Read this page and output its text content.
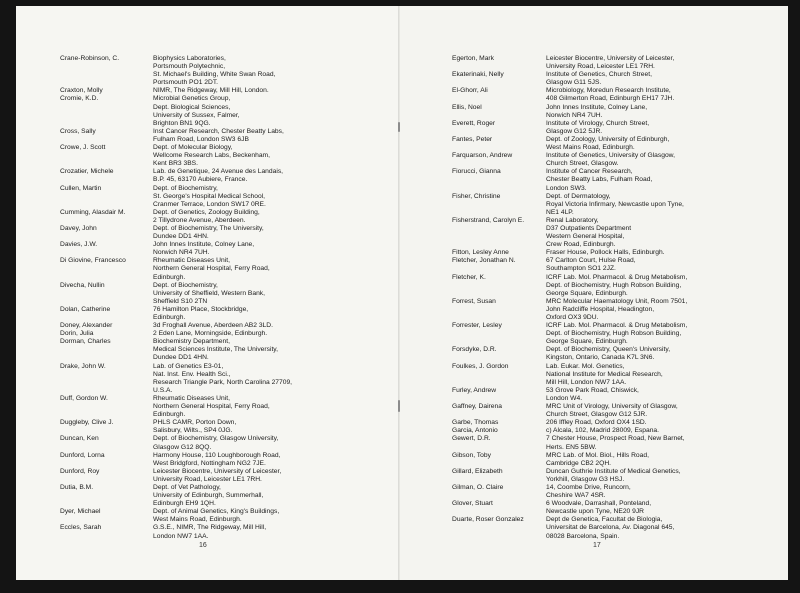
Crane-Robinson, C.	Biophysics Laboratories,
Portsmouth Polytechnic,
St. Michael's Building, White Swan Road,
Portsmouth PO1 2DT.
Craxton, Molly	NIMR, The Ridgeway, Mill Hill, London.
Cromie, K.D.	Microbial Genetics Group,
Dept. Biological Sciences,
University of Sussex, Falmer,
Brighton BN1 9QG.
Cross, Sally	Inst Cancer Research, Chester Beatty Labs,
Fulham Road, London SW3 6JB
Crowe, J. Scott	Dept. of Molecular Biology,
Wellcome Research Labs, Beckenham,
Kent BR3 3BS.
Crozatier, Michele	Lab. de Genetique, 24 Avenue des Landais,
B.P. 45, 63170 Aubiere, France.
Cullen, Martin	Dept. of Biochemistry,
St. George's Hospital Medical School,
Cranmer Terrace, London SW17 0RE.
Cumming, Alasdair M.	Dept. of Genetics, Zoology Building,
2 Tillydrone Avenue, Aberdeen.
Davey, John	Dept. of Biochemistry, The University,
Dundee DD1 4HN.
Davies, J.W.	John Innes Institute, Colney Lane,
Norwich NR4 7UH.
Di Giovine, Francesco	Rheumatic Diseases Unit,
Northern General Hospital, Ferry Road,
Edinburgh.
Divecha, Nullin	Dept. of Biochemistry,
University of Sheffield, Western Bank,
Sheffield S10 2TN
Dolan, Catherine	76 Hamilton Place, Stockbridge,
Edinburgh.
Doney, Alexander	3d Froghall Avenue, Aberdeen AB2 3LD.
Dorin, Julia	2 Eden Lane, Morningside, Edinburgh.
Dorman, Charles	Biochemistry Department,
Medical Sciences Institute, The University,
Dundee DD1 4HN.
Drake, John W.	Lab. of Genetics E3-01,
Nat. Inst. Env. Health Sci.,
Research Triangle Park, North Carolina 27709,
U.S.A.
Duff, Gordon W.	Rheumatic Diseases Unit,
Northern General Hospital, Ferry Road,
Edinburgh.
Duggleby, Clive J.	PHLS CAMR, Porton Down,
Salisbury, Wilts., SP4 0JG.
Duncan, Ken	Dept. of Biochemistry, Glasgow University,
Glasgow G12 8QQ.
Dunford, Lorna	Harmony House, 110 Loughborough Road,
West Bridgford, Nottingham NG2 7JE.
Dunford, Roy	Leicester Biocentre, University of Leicester,
University Road, Leicester LE1 7RH.
Dutia, B.M.	Dept. of Vet Pathology,
University of Edinburgh, Summerhall,
Edinburgh EH9 1QH.
Dyer, Michael	Dept. of Animal Genetics, King's Buildings,
West Mains Road, Edinburgh.
Eccles, Sarah	G.S.E., NIMR, The Ridgeway, Mill Hill,
London NW7 1AA.
16
Egerton, Mark	Leicester Biocentre, University of Leicester,
University Road, Leicester LE1 7RH.
Ekaterinaki, Nelly	Institute of Genetics, Church Street,
Glasgow G11 5JS.
El-Ghorr, Ali	Microbiology, Moredun Research Institute,
408 Gilmerton Road, Edinburgh EH17 7JH.
Ellis, Noel	John Innes Institute, Colney Lane,
Norwich NR4 7UH.
Everett, Roger	Institute of Virology, Church Street,
Glasgow G12 5JR.
Fantes, Peter	Dept. of Zoology, University of Edinburgh,
West Mains Road, Edinburgh.
Farquarson, Andrew	Institute of Genetics, University of Glasgow,
Church Street, Glasgow.
Fiorucci, Gianna	Institute of Cancer Research,
Chester Beatty Labs, Fulham Road,
London SW3.
Fisher, Christine	Dept. of Dermatology,
Royal Victoria Infirmary, Newcastle upon Tyne,
NE1 4LP.
Fisherstrand, Carolyn E.	Renal Laboratory,
D37 Outpatients Department
Western General Hospital,
Crew Road, Edinburgh.
Fitton, Lesley Anne	Fraser House, Pollock Halls, Edinburgh.
Fletcher, Jonathan N.	67 Carlton Court, Hulse Road,
Southampton SO1 2JZ.
Fletcher, K.	ICRF Lab. Mol. Pharmacol. & Drug Metabolism,
Dept. of Biochemistry, Hugh Robson Building,
George Square, Edinburgh.
Forrest, Susan	MRC Molecular Haematology Unit, Room 7501,
John Radcliffe Hospital, Headington,
Oxford OX3 9DU.
Forrester, Lesley	ICRF Lab. Mol. Pharmacol. & Drug Metabolism,
Dept. of Biochemistry, Hugh Robson Building,
George Square, Edinburgh.
Forsdyke, D.R.	Dept. of Biochemistry, Queen's University,
Kingston, Ontario, Canada K7L 3N6.
Foulkes, J. Gordon	Lab. Eukar. Mol. Genetics,
National Institute for Medical Research,
Mill Hill, London NW7 1AA.
Furley, Andrew	53 Grove Park Road, Chiswick,
London W4.
Gaffney, Dairena	MRC Unit of Virology, University of Glasgow,
Church Street, Glasgow G12 5JR.
Garbe, Thomas	206 Iffley Road, Oxford OX4 1SD.
Garcia, Antonio	c) Alcala, 102, Madrid 28009, Espana.
Gewert, D.R.	7 Chester House, Prospect Road, New Barnet,
Herts. EN5 5BW.
Gibson, Toby	MRC Lab. of Mol. Biol., Hills Road,
Cambridge CB2 2QH.
Gillard, Elizabeth	Duncan Guthrie Institute of Medical Genetics,
Yorkhill, Glasgow G3 HSJ.
Gilman, O. Claire	14, Coombe Drive, Runcorn,
Cheshire WA7 4SR.
Glover, Stuart	6 Woodvale, Darrashall, Ponteland,
Newcastle upon Tyne, NE20 9JR
Duarte, Roser Gonzalez	Dept de Genetica, Facultat de Biologia,
Universitat de Barcelona, Av. Diagonal 645,
08028 Barcelona, Spain.
17
